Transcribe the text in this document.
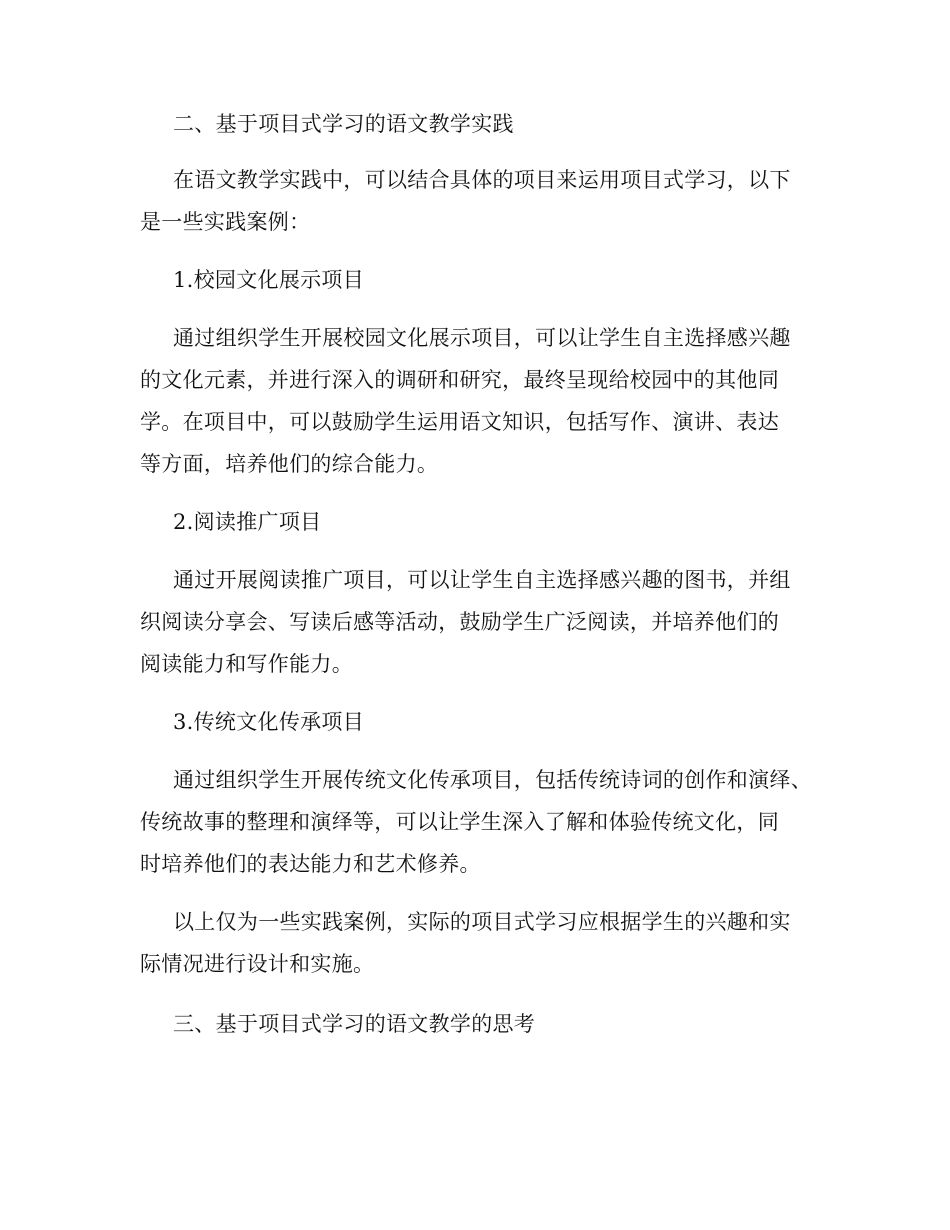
二、基于项目式学习的语文教学实践
在语文教学实践中，可以结合具体的项目来运用项目式学习，以下
是一些实践案例：
1.校园文化展示项目
通过组织学生开展校园文化展示项目，可以让学生自主选择感兴趣
的文化元素，并进行深入的调研和研究，最终呈现给校园中的其他同
学。在项目中，可以鼓励学生运用语文知识，包括写作、演讲、表达
等方面，培养他们的综合能力。
2.阅读推广项目
通过开展阅读推广项目，可以让学生自主选择感兴趣的图书，并组
织阅读分享会、写读后感等活动，鼓励学生广泛阅读，并培养他们的
阅读能力和写作能力。
3.传统文化传承项目
通过组织学生开展传统文化传承项目，包括传统诗词的创作和演绎、
传统故事的整理和演绎等，可以让学生深入了解和体验传统文化，同
时培养他们的表达能力和艺术修养。
以上仅为一些实践案例，实际的项目式学习应根据学生的兴趣和实
际情况进行设计和实施。
三、基于项目式学习的语文教学的思考
